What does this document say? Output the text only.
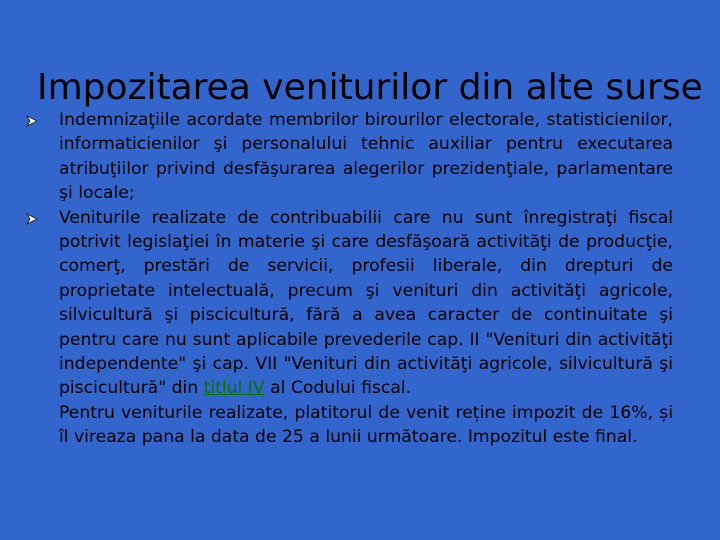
Impozitarea veniturilor din alte surse

Indemnizaţiile acordate membrilor birourilor electorale, statisticienilor, informaticienilor şi personalului tehnic auxiliar pentru executarea atribuţiilor privind desfăşurarea alegerilor prezidenţiale, parlamentare şi locale;

Veniturile realizate de contribuabilii care nu sunt înregistraţi fiscal potrivit legislaţiei în materie şi care desfăşoară activităţi de producţie, comerţ, prestări de servicii, profesii liberale, din drepturi de proprietate intelectuală, precum şi venituri din activităţi agricole, silvicultură şi piscicultură, fără a avea caracter de continuitate şi pentru care nu sunt aplicabile prevederile cap. II "Venituri din activităţi independente" şi cap. VII "Venituri din activităţi agricole, silvicultură şi piscicultură" din titlul IV al Codului fiscal.

Pentru veniturile realizate, platitorul de venit reține impozit de 16%, și îl vireaza pana la data de 25 a lunii următoare. Impozitul este final.
